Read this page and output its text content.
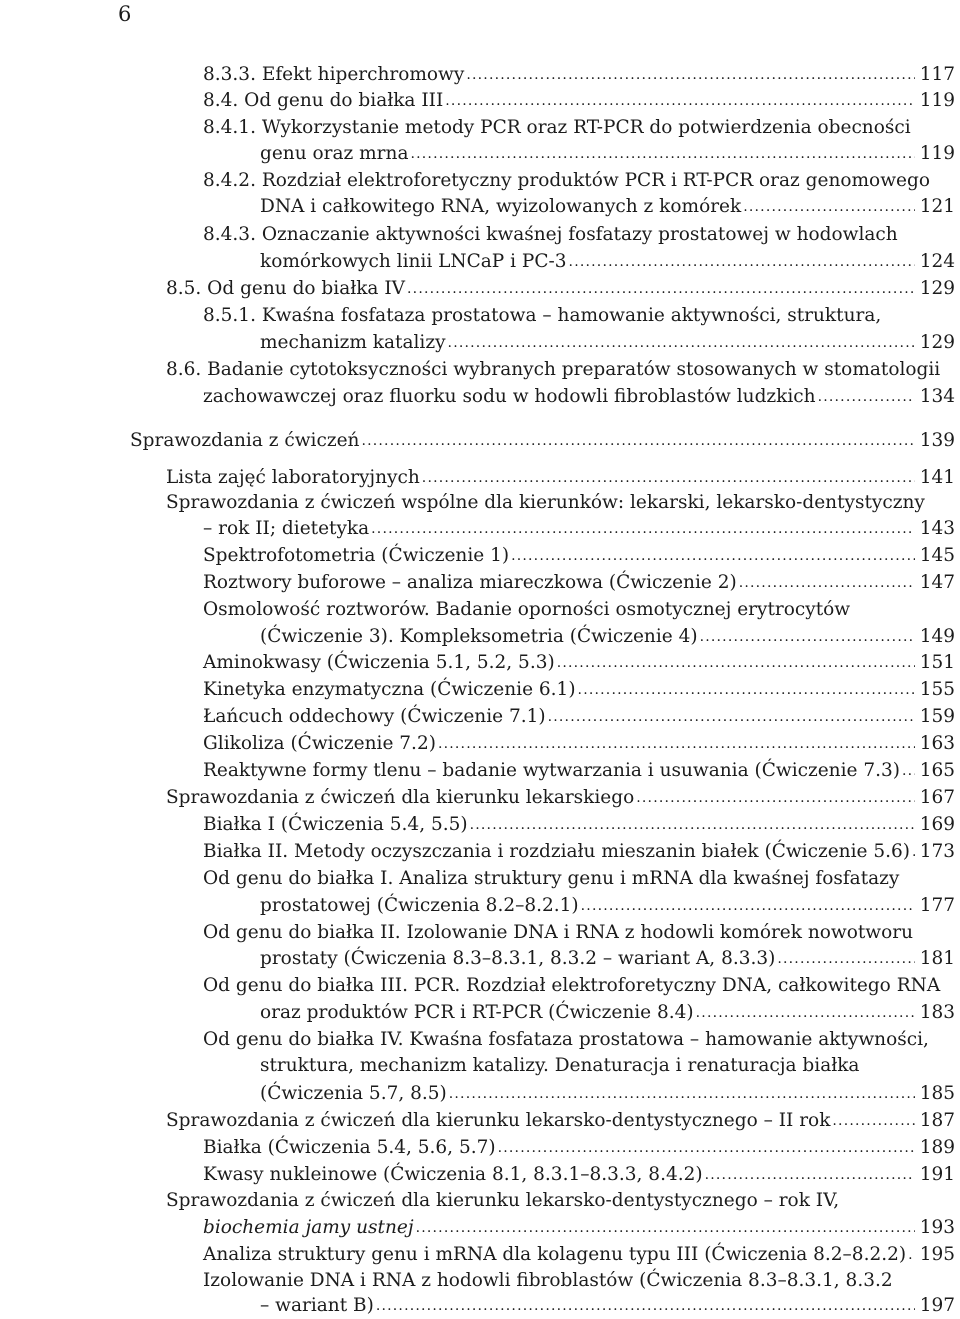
6
8.3.3. Efekt hiperchromowy .....	117
8.4. Od genu do białka III .....	119
8.4.1. Wykorzystanie metody PCR oraz RT-PCR do potwierdzenia obecności
genu oraz mrna .....	119
8.4.2. Rozdział elektroforetyczny produktów PCR i RT-PCR oraz genomowego
DNA i całkowitego RNA, wyizolowanych z komórek .....	121
8.4.3. Oznaczanie aktywności kwaśnej fosfatazy prostatowej w hodowlach
komórkowych linii LNCaP i PC-3 .....	124
8.5. Od genu do białka IV .....	129
8.5.1. Kwaśna fosfataza prostatowa – hamowanie aktywności, struktura,
mechanizm katalizy .....	129
8.6. Badanie cytotoksyczności wybranych preparatów stosowanych w stomatologii
zachowawczej oraz fluorku sodu w hodowli fibroblastów ludzkich .....	134
Sprawozdania z ćwiczeń .....	139
Lista zajęć laboratoryjnych .....	141
Sprawozdania z ćwiczeń wspólne dla kierunków: lekarski, lekarsko-dentystyczny
– rok II; dietetyka .....	143
Spektrofotometria (Ćwiczenie 1) .....	145
Roztwory buforowe – analiza miareczkowa (Ćwiczenie 2) .....	147
Osmolowość roztworów. Badanie oporności osmotycznej erytrocytów
(Ćwiczenie 3). Kompleksometria (Ćwiczenie 4) .....	149
Aminokwasy (Ćwiczenia 5.1, 5.2, 5.3) .....	151
Kinetyka enzymatyczna (Ćwiczenie 6.1) .....	155
Łańcuch oddechowy (Ćwiczenie 7.1) .....	159
Glikoliza (Ćwiczenie 7.2) .....	163
Reaktywne formy tlenu – badanie wytwarzania i usuwania (Ćwiczenie 7.3) ..... 165
Sprawozdania z ćwiczeń dla kierunku lekarskiego .....	167
Białka I (Ćwiczenia 5.4, 5.5) .....	169
Białka II. Metody oczyszczania i rozdziału mieszanin białek (Ćwiczenie 5.6) ..... 173
Od genu do białka I. Analiza struktury genu i mRNA dla kwaśnej fosfatazy
prostatowej (Ćwiczenia 8.2–8.2.1) .....	177
Od genu do białka II. Izolowanie DNA i RNA z hodowli komórek nowotworu
prostaty (Ćwiczenia 8.3–8.3.1, 8.3.2 – wariant A, 8.3.3) .....	181
Od genu do białka III. PCR. Rozdział elektroforetyczny DNA, całkowitego RNA
oraz produktów PCR i RT-PCR (Ćwiczenie 8.4) .....	183
Od genu do białka IV. Kwaśna fosfataza prostatowa – hamowanie aktywności,
struktura, mechanizm katalizy. Denaturacja i renaturacja białka
(Ćwiczenia 5.7, 8.5) .....	185
Sprawozdania z ćwiczeń dla kierunku lekarsko-dentystycznego – II rok .....	187
Białka (Ćwiczenia 5.4, 5.6, 5.7) .....	189
Kwasy nukleinowe (Ćwiczenia 8.1, 8.3.1–8.3.3, 8.4.2) .....	191
Sprawozdania z ćwiczeń dla kierunku lekarsko-dentystycznego – rok IV,
biochemia jamy ustnej .....	193
Analiza struktury genu i mRNA dla kolagenu typu III (Ćwiczenia 8.2–8.2.2) ..... 195
Izolowanie DNA i RNA z hodowli fibroblastów (Ćwiczenia 8.3–8.3.1, 8.3.2
– wariant B) .....	197
